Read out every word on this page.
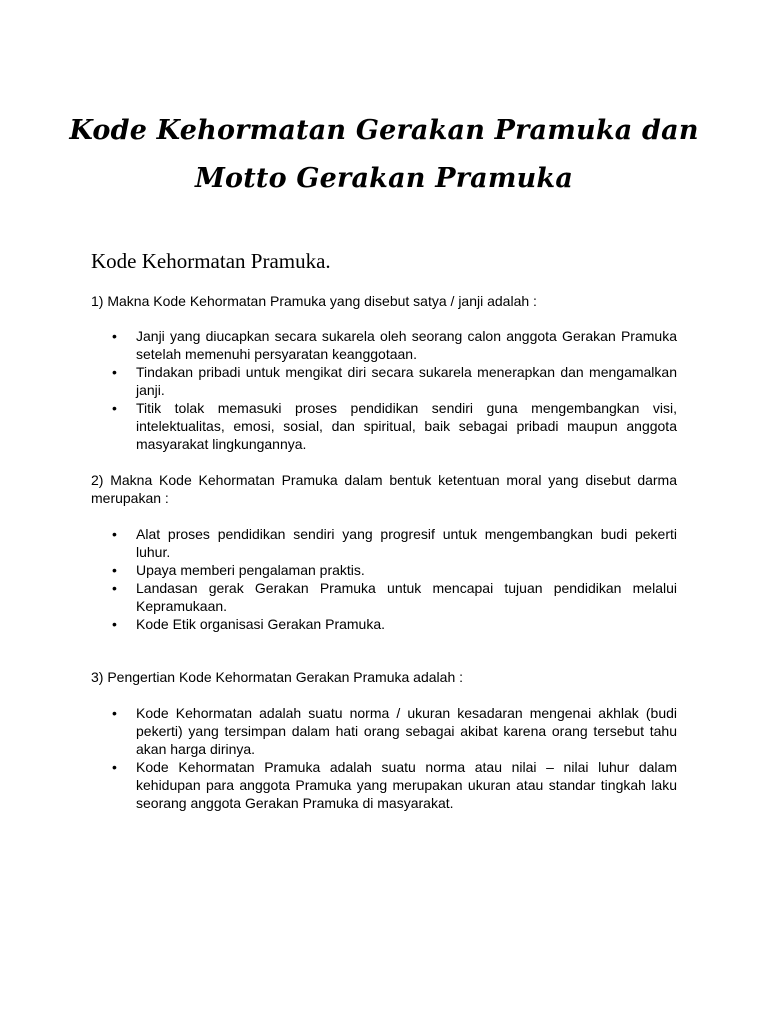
Kode Kehormatan Gerakan Pramuka dan
Motto Gerakan Pramuka
Kode Kehormatan Pramuka.
1) Makna Kode Kehormatan Pramuka yang disebut satya / janji adalah :
• Janji yang diucapkan secara sukarela oleh seorang calon anggota Gerakan Pramuka setelah memenuhi persyaratan keanggotaan.
• Tindakan pribadi untuk mengikat diri secara sukarela menerapkan dan mengamalkan janji.
• Titik tolak memasuki proses pendidikan sendiri guna mengembangkan visi, intelektualitas, emosi, sosial, dan spiritual, baik sebagai pribadi maupun anggota masyarakat lingkungannya.
2) Makna Kode Kehormatan Pramuka dalam bentuk ketentuan moral yang disebut darma merupakan :
• Alat proses pendidikan sendiri yang progresif untuk mengembangkan budi pekerti luhur.
• Upaya memberi pengalaman praktis.
• Landasan gerak Gerakan Pramuka untuk mencapai tujuan pendidikan melalui Kepramukaan.
• Kode Etik organisasi Gerakan Pramuka.
3) Pengertian Kode Kehormatan Gerakan Pramuka adalah :
• Kode Kehormatan adalah suatu norma / ukuran kesadaran mengenai akhlak (budi pekerti) yang tersimpan dalam hati orang sebagai akibat karena orang tersebut tahu akan harga dirinya.
• Kode Kehormatan Pramuka adalah suatu norma atau nilai – nilai luhur dalam kehidupan para anggota Pramuka yang merupakan ukuran atau standar tingkah laku seorang anggota Gerakan Pramuka di masyarakat.
